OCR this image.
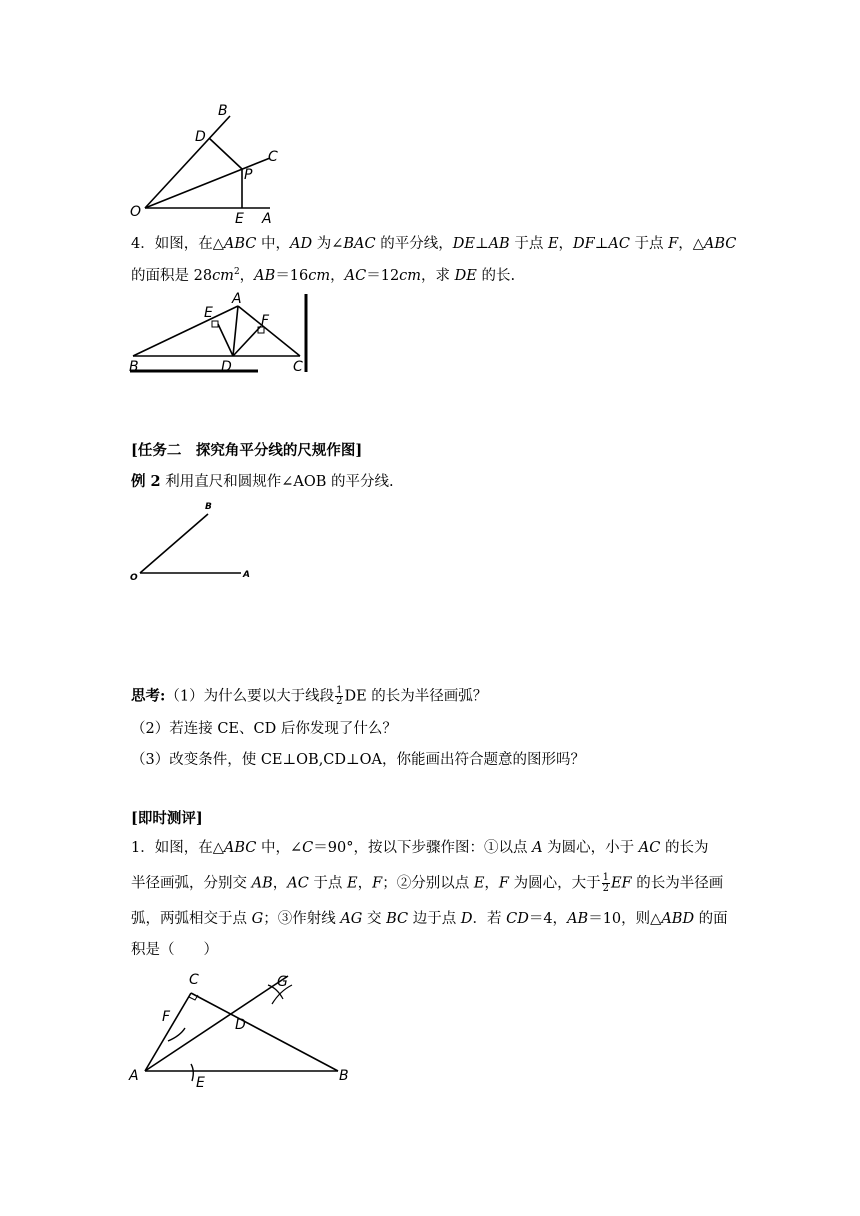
B
D
C
P
O	E A
4．如图，在△ABC 中，AD 为∠BAC 的平分线，DE⊥AB 于点 E，DF⊥AC 于点 F，△ABC
的面积是 $28cm^2$，AB＝16cm，AC＝12cm，求 DE 的长.
A
E	F
B	D	C
[任务二　探究角平分线的尺规作图]
例 2 利用直尺和圆规作∠AOB 的平分线.
B
O	A
思考:（1）为什么要以大于线段 $\frac{1}{2}$ DE 的长为半径画弧？
（2）若连接 CE、CD 后你发现了什么？
（3）改变条件，使 CE⊥OB,CD⊥OA，你能画出符合题意的图形吗？
[即时测评]
1．如图，在△ABC 中，∠C＝90°，按以下步骤作图：①以点 A 为圆心，小于 AC 的长为
半径画弧，分别交 AB，AC 于点 E，F；②分别以点 E，F 为圆心，大于 $\frac{1}{2}$ EF 的长为半径画
弧，两弧相交于点 G；③作射线 AG 交 BC 边于点 D．若 CD＝4，AB＝10，则△ABD 的面
积是（　　）
C	G
F	D
A	E	B
